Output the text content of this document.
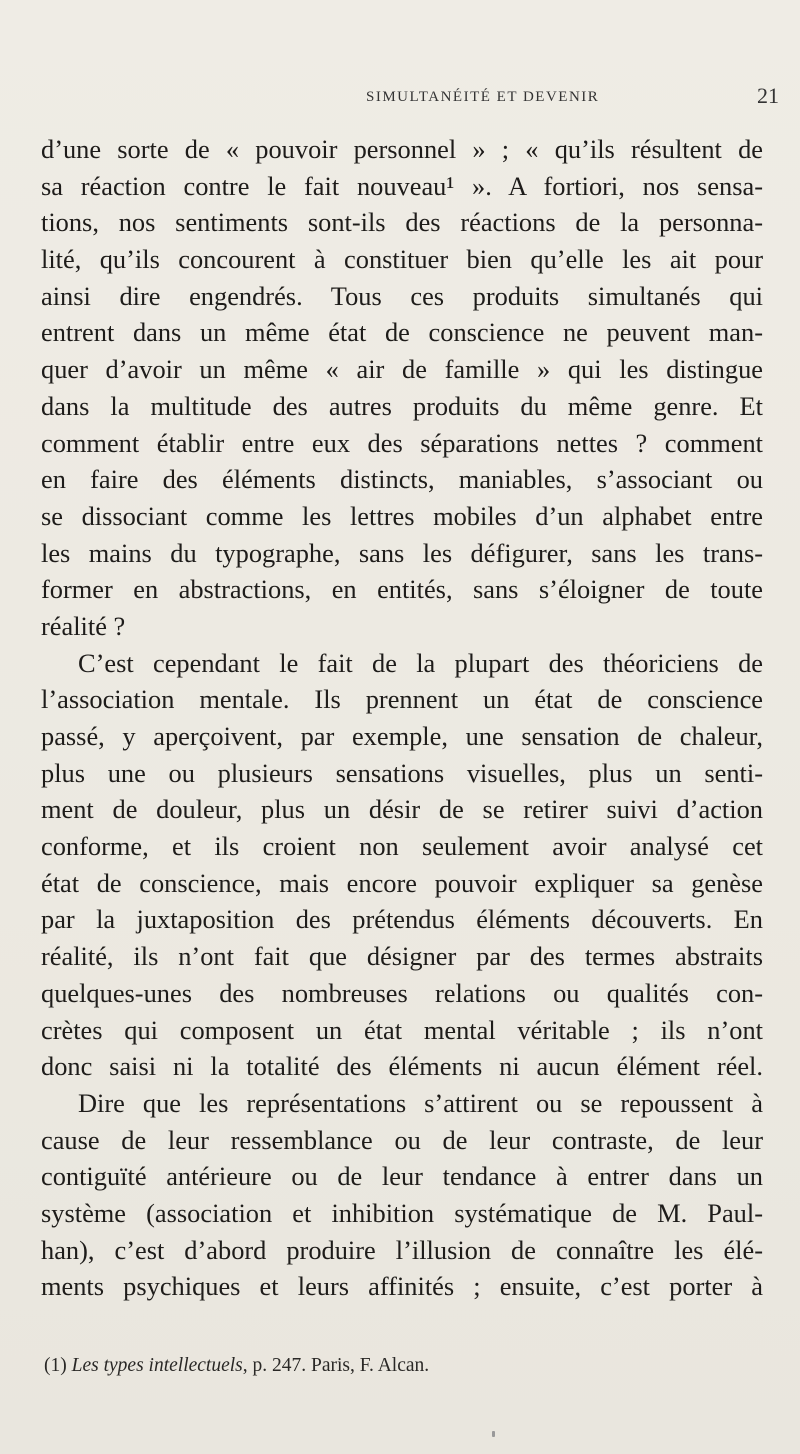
SIMULTANÉITÉ ET DEVENIR	21
d’une sorte de « pouvoir personnel » ; « qu’ils résultent de
sa réaction contre le fait nouveau¹ ». A fortiori, nos sensa-
tions, nos sentiments sont-ils des réactions de la personna-
lité, qu’ils concourent à constituer bien qu’elle les ait pour
ainsi dire engendrés. Tous ces produits simultanés qui
entrent dans un même état de conscience ne peuvent man-
quer d’avoir un même « air de famille » qui les distingue
dans la multitude des autres produits du même genre. Et
comment établir entre eux des séparations nettes ? comment
en faire des éléments distincts, maniables, s’associant ou
se dissociant comme les lettres mobiles d’un alphabet entre
les mains du typographe, sans les défigurer, sans les trans-
former en abstractions, en entités, sans s’éloigner de toute
réalité ?
C’est cependant le fait de la plupart des théoriciens de
l’association mentale. Ils prennent un état de conscience
passé, y aperçoivent, par exemple, une sensation de chaleur,
plus une ou plusieurs sensations visuelles, plus un senti-
ment de douleur, plus un désir de se retirer suivi d’action
conforme, et ils croient non seulement avoir analysé cet
état de conscience, mais encore pouvoir expliquer sa genèse
par la juxtaposition des prétendus éléments découverts. En
réalité, ils n’ont fait que désigner par des termes abstraits
quelques-unes des nombreuses relations ou qualités con-
crètes qui composent un état mental véritable ; ils n’ont
donc saisi ni la totalité des éléments ni aucun élément réel.
Dire que les représentations s’attirent ou se repoussent à
cause de leur ressemblance ou de leur contraste, de leur
contiguïté antérieure ou de leur tendance à entrer dans un
système (association et inhibition systématique de M. Paul-
han), c’est d’abord produire l’illusion de connaître les élé-
ments psychiques et leurs affinités ; ensuite, c’est porter à
(1) Les types intellectuels, p. 247. Paris, F. Alcan.
